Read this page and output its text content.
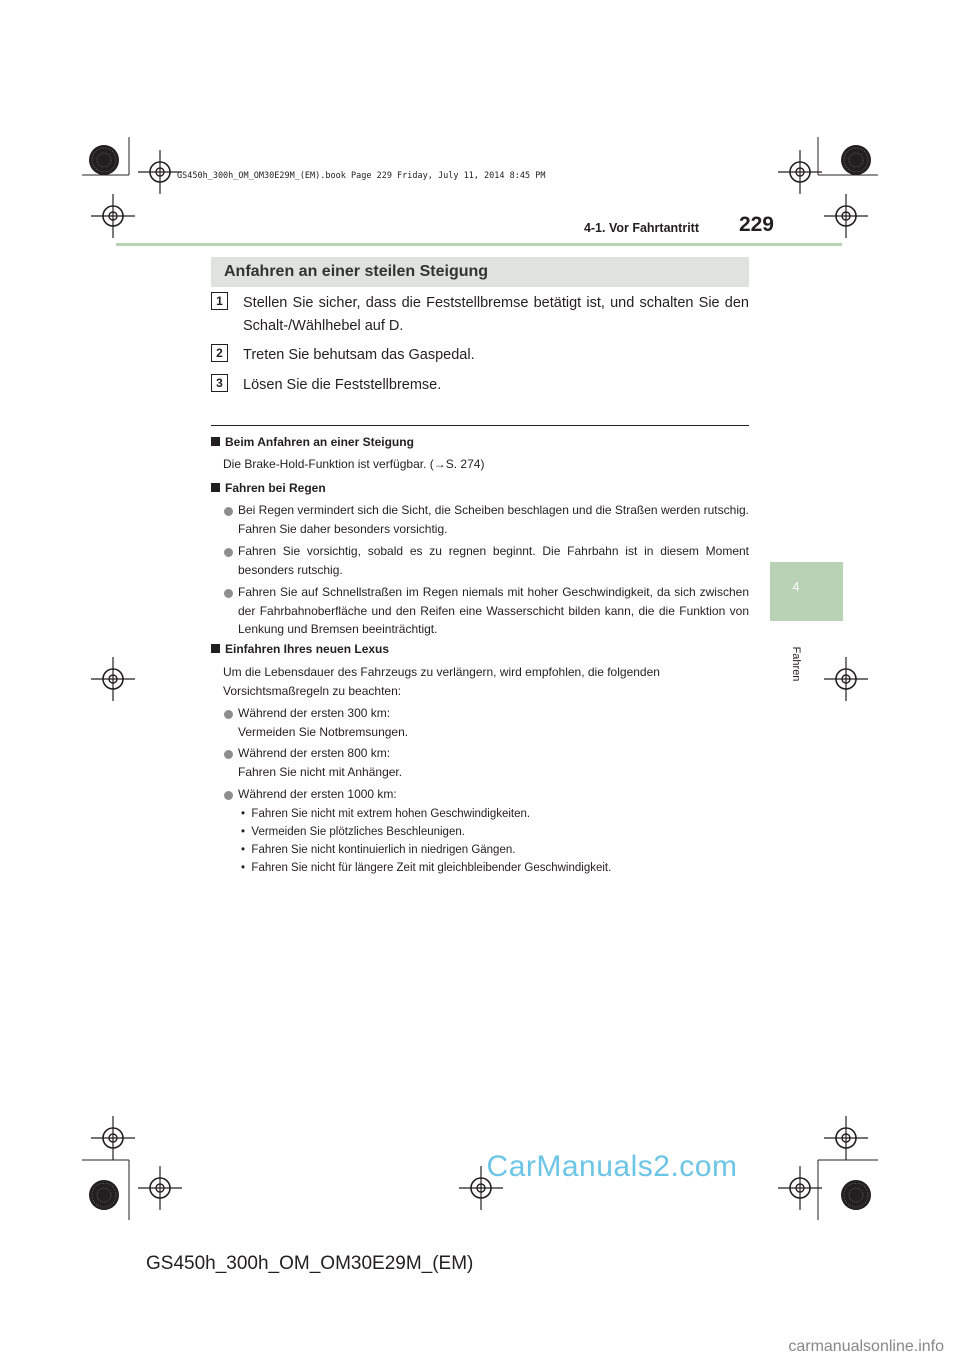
GS450h_300h_OM_OM30E29M_(EM).book Page 229 Friday, July 11, 2014 8:45 PM
4-1. Vor Fahrtantritt	229
4
Fahren
Anfahren an einer steilen Steigung
1	Stellen Sie sicher, dass die Feststellbremse betätigt ist, und schalten Sie den Schalt-/Wählhebel auf D.
2	Treten Sie behutsam das Gaspedal.
3	Lösen Sie die Feststellbremse.
Beim Anfahren an einer Steigung
Die Brake-Hold-Funktion ist verfügbar. (→S. 274)
Fahren bei Regen
Bei Regen vermindert sich die Sicht, die Scheiben beschlagen und die Straßen werden rutschig. Fahren Sie daher besonders vorsichtig.
Fahren Sie vorsichtig, sobald es zu regnen beginnt. Die Fahrbahn ist in diesem Moment besonders rutschig.
Fahren Sie auf Schnellstraßen im Regen niemals mit hoher Geschwindigkeit, da sich zwischen der Fahrbahnoberfläche und den Reifen eine Wasserschicht bilden kann, die die Funktion von Lenkung und Bremsen beeinträchtigt.
Einfahren Ihres neuen Lexus
Um die Lebensdauer des Fahrzeugs zu verlängern, wird empfohlen, die folgenden Vorsichtsmaßregeln zu beachten:
Während der ersten 300 km:
Vermeiden Sie Notbremsungen.
Während der ersten 800 km:
Fahren Sie nicht mit Anhänger.
Während der ersten 1000 km:
•  Fahren Sie nicht mit extrem hohen Geschwindigkeiten.
•  Vermeiden Sie plötzliches Beschleunigen.
•  Fahren Sie nicht kontinuierlich in niedrigen Gängen.
•  Fahren Sie nicht für längere Zeit mit gleichbleibender Geschwindigkeit.
CarManuals2.com
GS450h_300h_OM_OM30E29M_(EM)
carmanualsonline.info
